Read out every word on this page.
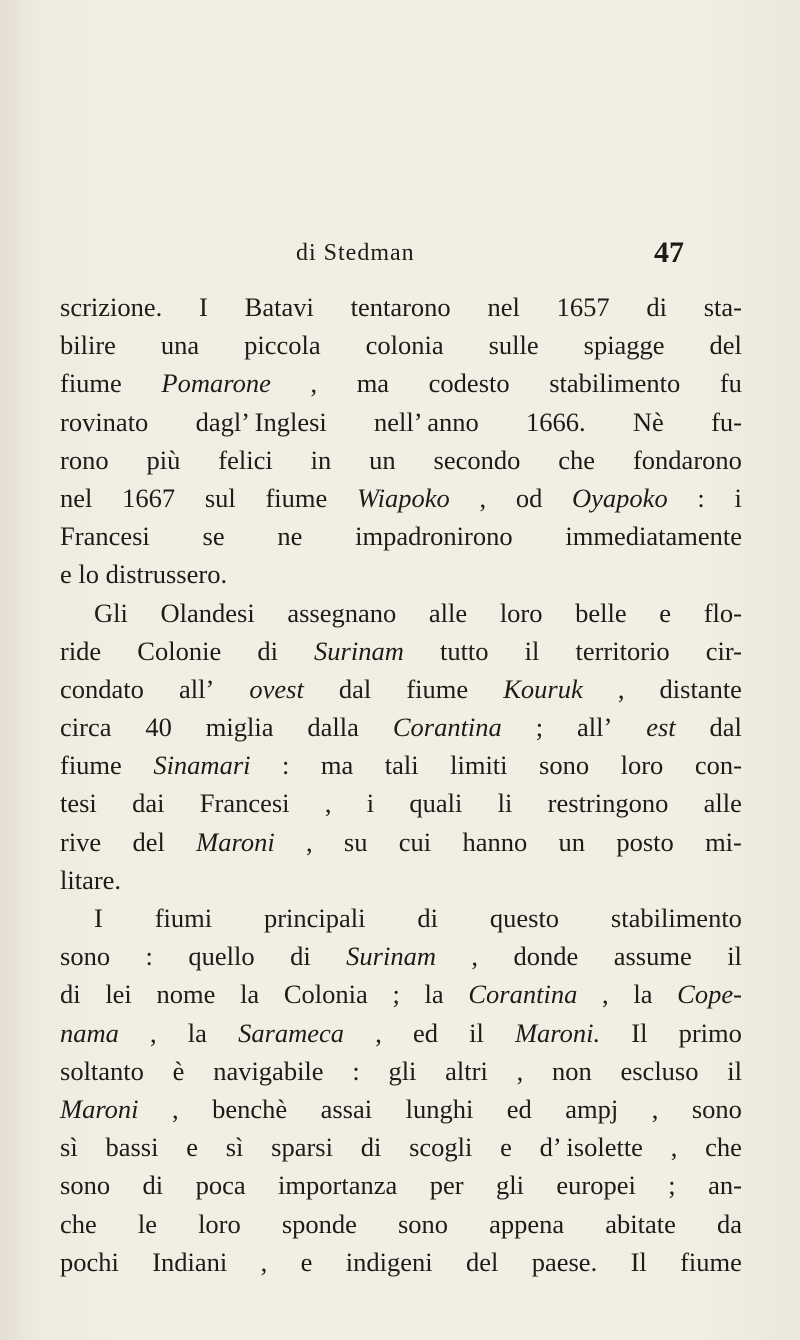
di Stedman	47
scrizione. I Batavi tentarono nel 1657 di sta-
bilire una piccola colonia sulle spiagge del
fiume Pomarone , ma codesto stabilimento fu
rovinato dagl’ Inglesi nell’ anno 1666. Nè fu-
rono più felici in un secondo che fondarono
nel 1667 sul fiume Wiapoko , od Oyapoko : i
Francesi se ne impadronirono immediatamente
e lo distrussero.
Gli Olandesi assegnano alle loro belle e flo-
ride Colonie di Surinam tutto il territorio cir-
condato all’ ovest dal fiume Kouruk , distante
circa 40 miglia dalla Corantina ; all’ est dal
fiume Sinamari : ma tali limiti sono loro con-
tesi dai Francesi , i quali li restringono alle
rive del Maroni , su cui hanno un posto mi-
litare.
I fiumi principali di questo stabilimento
sono : quello di Surinam , donde assume il
di lei nome la Colonia ; la Corantina , la Cope-
nama , la Sarameca , ed il Maroni. Il primo
soltanto è navigabile : gli altri , non escluso il
Maroni , benchè assai lunghi ed ampj , sono
sì bassi e sì sparsi di scogli e d’ isolette , che
sono di poca importanza per gli europei ; an-
che le loro sponde sono appena abitate da
pochi Indiani , e indigeni del paese. Il fiume
